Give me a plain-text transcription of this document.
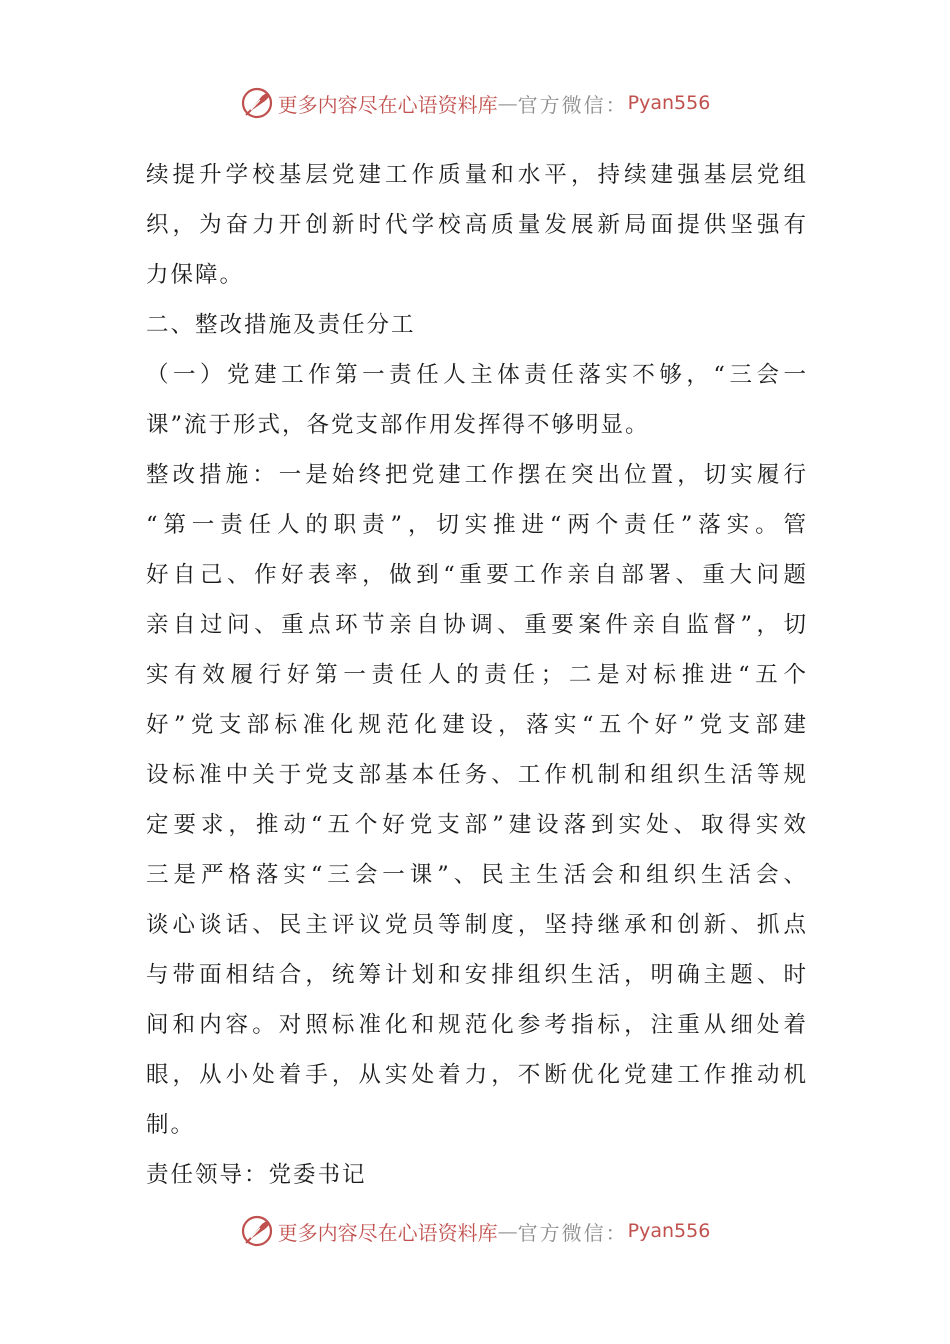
更多内容尽在心语资料库 — 官方微信： Pyan556
续提升学校基层党建工作质量和水平，持续建强基层党组
织，为奋力开创新时代学校高质量发展新局面提供坚强有
力保障。
二、整改措施及责任分工
（一）党建工作第一责任人主体责任落实不够，“三会一
课”流于形式，各党支部作用发挥得不够明显。
整改措施：一是始终把党建工作摆在突出位置，切实履行
“第一责任人的职责”，切实推进“两个责任”落实。管
好自己、作好表率，做到“重要工作亲自部署、重大问题
亲自过问、重点环节亲自协调、重要案件亲自监督”，切
实有效履行好第一责任人的责任；二是对标推进“五个
好”党支部标准化规范化建设，落实“五个好”党支部建
设标准中关于党支部基本任务、工作机制和组织生活等规
定要求，推动“五个好党支部”建设落到实处、取得实效
三是严格落实“三会一课”、民主生活会和组织生活会、
谈心谈话、民主评议党员等制度，坚持继承和创新、抓点
与带面相结合，统筹计划和安排组织生活，明确主题、时
间和内容。对照标准化和规范化参考指标，注重从细处着
眼，从小处着手，从实处着力，不断优化党建工作推动机
制。
责任领导：党委书记
更多内容尽在心语资料库 — 官方微信： Pyan556
